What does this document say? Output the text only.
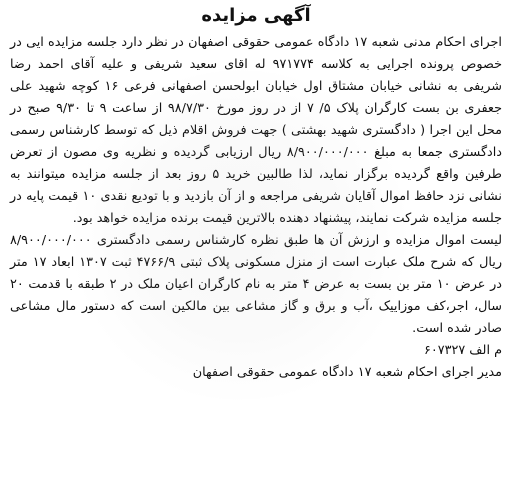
آگهی مزایده

اجرای احکام مدنی شعبه ۱۷ دادگاه عمومی حقوقی اصفهان در نظر دارد جلسه مزایده ایی در خصوص پرونده اجرایی به کلاسه ۹۷۱۷۷۴ له اقای سعید شریفی و علیه آقای احمد رضا شریفی به نشانی خیابان مشتاق اول خیابان ابولحسن اصفهانی فرعی ۱۶ کوچه شهید علی جعفری بن بست کارگران پلاک ۵/ ۷ از در روز مورخ ۹۸/۷/۳۰ از ساعت ۹ تا ۹/۳۰ صبح در محل این اجرا ( دادگستری شهید بهشتی ) جهت فروش اقلام ذیل که توسط کارشناس رسمی دادگستری جمعا به مبلغ ۸/۹۰۰/۰۰۰/۰۰۰ ریال ارزیابی گردیده و نظریه وی مصون از تعرض طرفین واقع گردیده برگزار نماید، لذا طالبین خرید ۵ روز بعد از جلسه مزایده میتوانند به نشانی نزد حافظ اموال آقایان شریفی مراجعه و از آن بازدید و با تودیع نقدی ۱۰ قیمت پایه در جلسه مزایده شرکت نمایند، پیشنهاد دهنده بالاترین قیمت برنده مزایده خواهد بود.

لیست اموال مزایده و ارزش آن ها طبق نظره کارشناس رسمی دادگستری ۸/۹۰۰/۰۰۰/۰۰۰ ریال که شرح ملک عبارت است از منزل مسکونی پلاک ثبتی ۴۷۶۶/۹ ثبت ۱۳۰۷ ابعاد ۱۷ متر در عرض ۱۰ متر بن بست به عرض ۴ متر به نام کارگران اعیان ملک در ۲ طبقه با قدمت ۲۰ سال، اجر،کف موزاییک ،آب و برق و گاز مشاعی بین مالکین است که دستور مال مشاعی صادر شده است.

م الف ۶۰۷۳۲۷

مدیر اجرای احکام شعبه ۱۷ دادگاه عمومی حقوقی اصفهان
